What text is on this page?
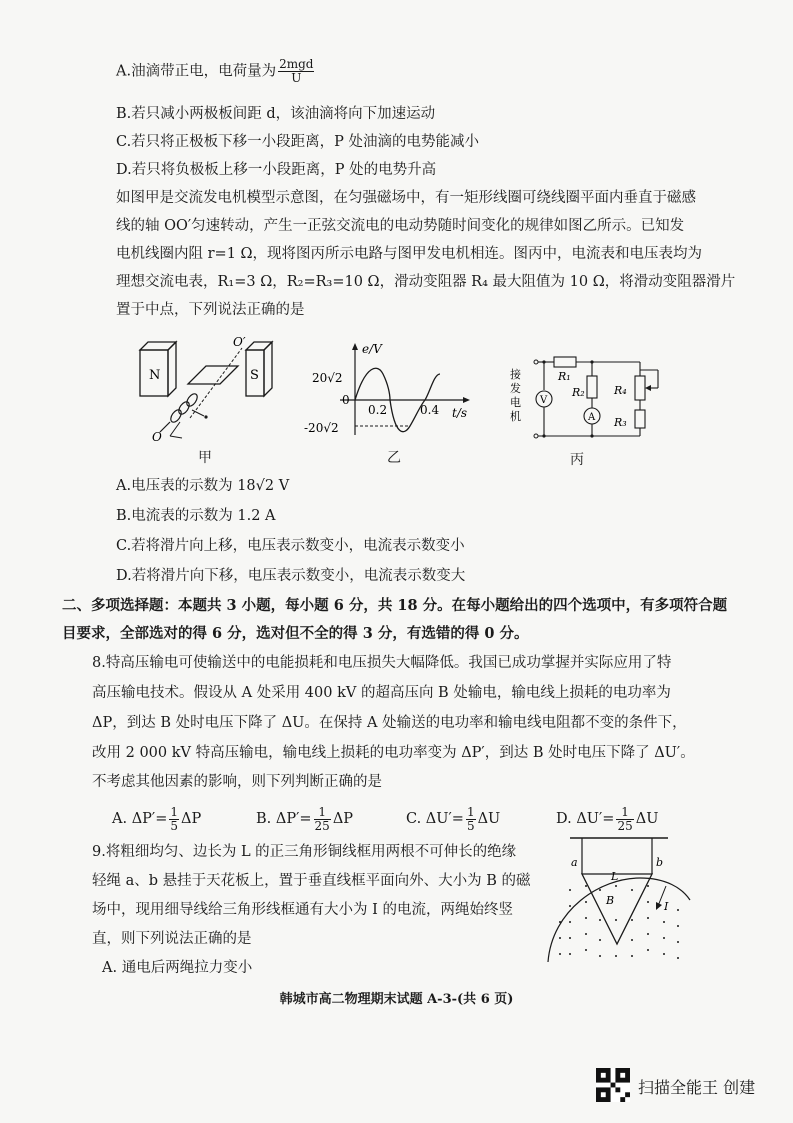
A.油滴带正电，电荷量为 $\frac{\text{2mgd}}{U}$
B.若只减小两极板间距 d，该油滴将向下加速运动
C.若只将正极板下移一小段距离，P 处油滴的电势能减小
D.若只将负极板上移一小段距离，P 处的电势升高
如图甲是交流发电机模型示意图，在匀强磁场中，有一矩形线圈可绕线圈平面内垂直于磁感
线的轴 OO′匀速转动，产生一正弦交流电的电动势随时间变化的规律如图乙所示。已知发
电机线圈内阻 r=1 Ω，现将图丙所示电路与图甲发电机相连。图丙中，电流表和电压表均为
理想交流电表，R₁=3 Ω，R₂=R₃=10 Ω，滑动变阻器 R₄ 最大阻值为 10 Ω，将滑动变阻器滑片
置于中点，下列说法正确的是
N	S
O′
O
甲
e/V
t/s
0
20√2
-20√2
0.2	0.4
乙
接
发
电
机
R₁
V
R₂
A
R₄
R₃
丙
A.电压表的示数为 18√2 V
B.电流表的示数为 1.2 A
C.若将滑片向上移，电压表示数变小，电流表示数变小
D.若将滑片向下移，电压表示数变小，电流表示数变大
二、多项选择题：本题共 3 小题，每小题 6 分，共 18 分。在每小题给出的四个选项中，有多项符合题
目要求，全部选对的得 6 分，选对但不全的得 3 分，有选错的得 0 分。
8.特高压输电可使输送中的电能损耗和电压损失大幅降低。我国已成功掌握并实际应用了特
高压输电技术。假设从 A 处采用 400 kV 的超高压向 B 处输电，输电线上损耗的电功率为
ΔP，到达 B 处时电压下降了 ΔU。在保持 A 处输送的电功率和输电线电阻都不变的条件下，
改用 2 000 kV 特高压输电，输电线上损耗的电功率变为 ΔP′，到达 B 处时电压下降了 ΔU′。
不考虑其他因素的影响，则下列判断正确的是
A. $\Delta P'= \frac{1}{5}$ ΔP	B. $\Delta P'= \frac{1}{25}$ ΔP	C. $\Delta U'= \frac{1}{5}$ ΔU	D. $\Delta U'= \frac{1}{25}$ ΔU
9.将粗细均匀、边长为 L 的正三角形铜线框用两根不可伸长的绝缘
轻绳 a、b 悬挂于天花板上，置于垂直线框平面向外、大小为 B 的磁
场中，现用细导线给三角形线框通有大小为 I 的电流，两绳始终竖
直，则下列说法正确的是
A. 通电后两绳拉力变小
a	b
L
B	I
韩城市高二物理期末试题 A-3-(共 6 页)
扫描全能王 创建
